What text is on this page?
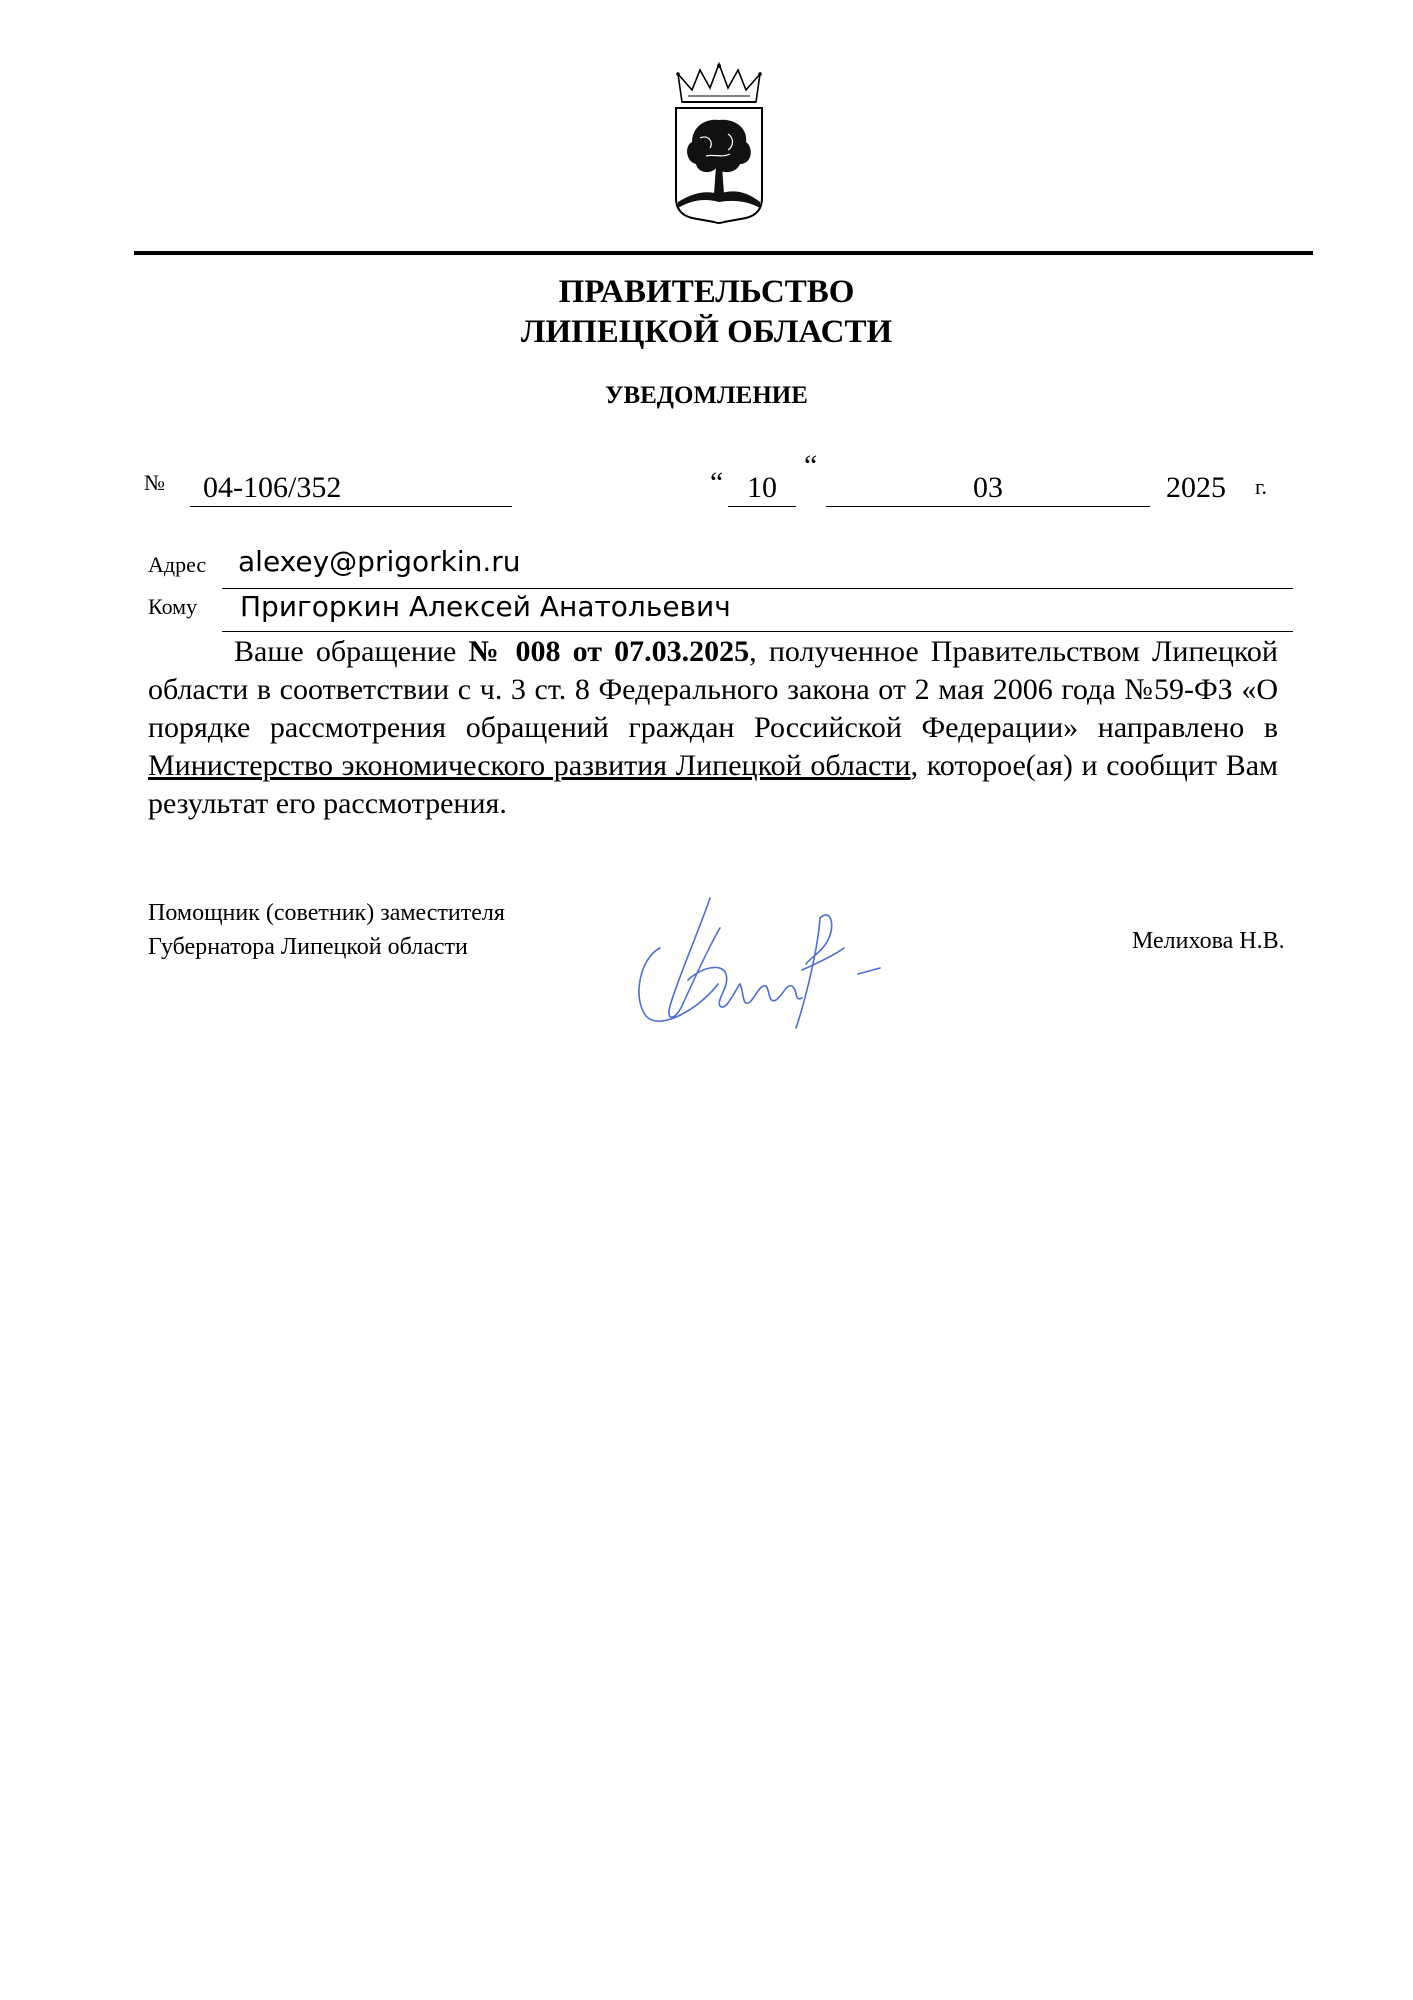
ПРАВИТЕЛЬСТВО
ЛИПЕЦКОЙ ОБЛАСТИ
УВЕДОМЛЕНИЕ
№ 04-106/352	“ 10
“
03	2025 г.
Адрес alexey@prigorkin.ru
Кому Пригоркин Алексей Анатольевич
Ваше обращение № 008 от 07.03.2025, полученное Правительством Липецкой области в соответствии с ч. 3 ст. 8 Федерального закона от 2 мая 2006 года №59-ФЗ «О порядке рассмотрения обращений граждан Российской Федерации» направлено в Министерство экономического развития Липецкой области, которое(ая) и сообщит Вам результат его рассмотрения.
Помощник (советник) заместителя
Губернатора Липецкой области	Мелихова Н.В.
